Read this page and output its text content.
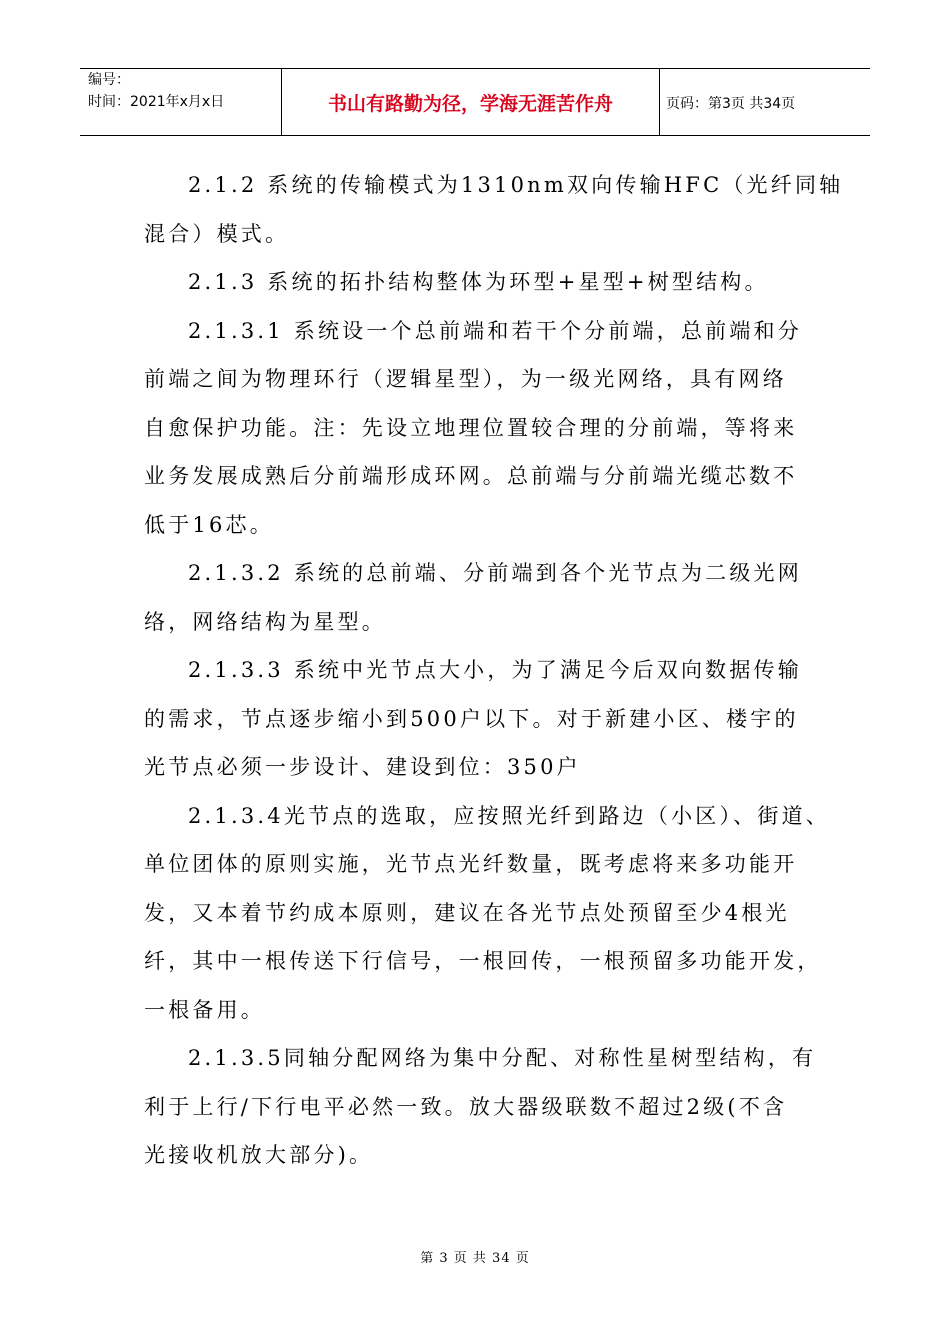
编号：
时间：2021年x月x日	书山有路勤为径，学海无涯苦作舟	页码：第3页 共34页
2.1.2 系统的传输模式为1310nm双向传输HFC（光纤同轴
混合）模式。
2.1.3 系统的拓扑结构整体为环型+星型+树型结构。
2.1.3.1 系统设一个总前端和若干个分前端，总前端和分
前端之间为物理环行（逻辑星型），为一级光网络，具有网络
自愈保护功能。注：先设立地理位置较合理的分前端，等将来
业务发展成熟后分前端形成环网。总前端与分前端光缆芯数不
低于16芯。
2.1.3.2 系统的总前端、分前端到各个光节点为二级光网
络，网络结构为星型。
2.1.3.3 系统中光节点大小，为了满足今后双向数据传输
的需求，节点逐步缩小到500户以下。对于新建小区、楼宇的
光节点必须一步设计、建设到位：350户
2.1.3.4光节点的选取，应按照光纤到路边（小区）、街道、
单位团体的原则实施，光节点光纤数量，既考虑将来多功能开
发，又本着节约成本原则，建议在各光节点处预留至少4根光
纤，其中一根传送下行信号，一根回传，一根预留多功能开发，
一根备用。
2.1.3.5同轴分配网络为集中分配、对称性星树型结构，有
利于上行/下行电平必然一致。放大器级联数不超过2级(不含
光接收机放大部分)。
第 3 页 共 34 页
